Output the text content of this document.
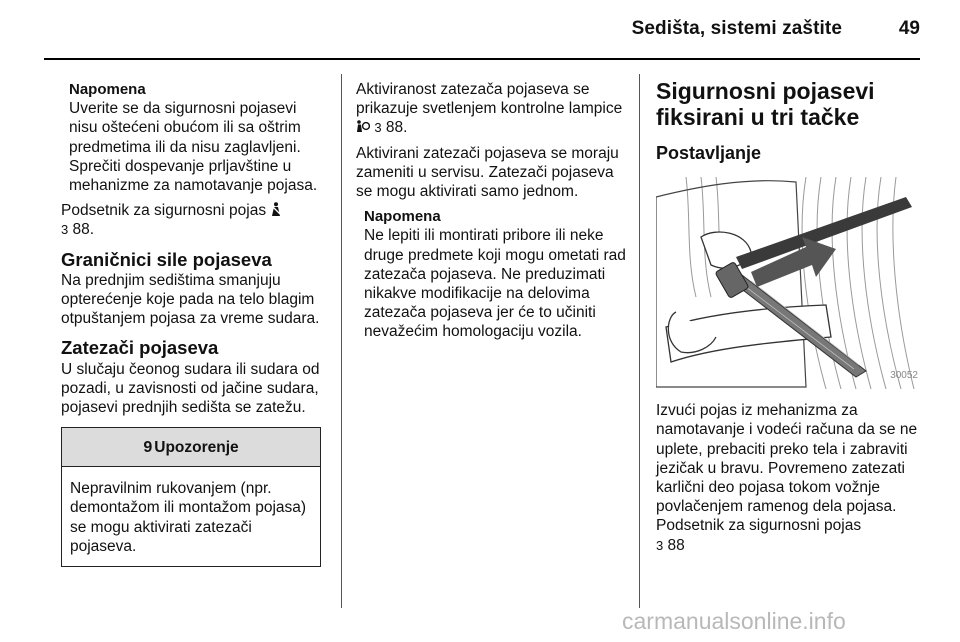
Sedišta, sistemi zaštite	49

Napomena

Uverite se da sigurnosni pojasevi nisu oštećeni obućom ili sa oštrim predmetima ili da nisu zaglavljeni. Sprečiti dospevanje prljavštine u mehanizme za namotavanje pojasa.

Podsetnik za sigurnosni pojas
3 88.

Graničnici sile pojaseva

Na prednjim sedištima smanjuju opterećenje koje pada na telo blagim otpuštanjem pojasa za vreme sudara.

Zatezači pojaseva

U slučaju čeonog sudara ili sudara od pozadi, u zavisnosti od jačine sudara, pojasevi prednjih sedišta se zatežu.

9 Upozorenje
Nepravilnim rukovanjem (npr. demontažom ili montažom pojasa) se mogu aktivirati zatezači pojaseva.

Aktiviranost zatezača pojaseva se prikazuje svetlenjem kontrolne lampice  3 88.

Aktivirani zatezači pojaseva se moraju zameniti u servisu. Zatezači pojaseva se mogu aktivirati samo jednom.

Napomena

Ne lepiti ili montirati pribore ili neke druge predmete koji mogu ometati rad zatezača pojaseva. Ne preduzimati nikakve modifikacije na delovima zatezača pojaseva jer će to učiniti nevažećim homologaciju vozila.

Sigurnosni pojasevi fiksirani u tri tačke

Postavljanje

30052

Izvući pojas iz mehanizma za namotavanje i vodeći računa da se ne uplete, prebaciti preko tela i zabraviti jezičak u bravu. Povremeno zatezati karlični deo pojasa tokom vožnje povlačenjem ramenog dela pojasa.

Podsetnik za sigurnosni pojas
3 88

carmanualsonline.info
